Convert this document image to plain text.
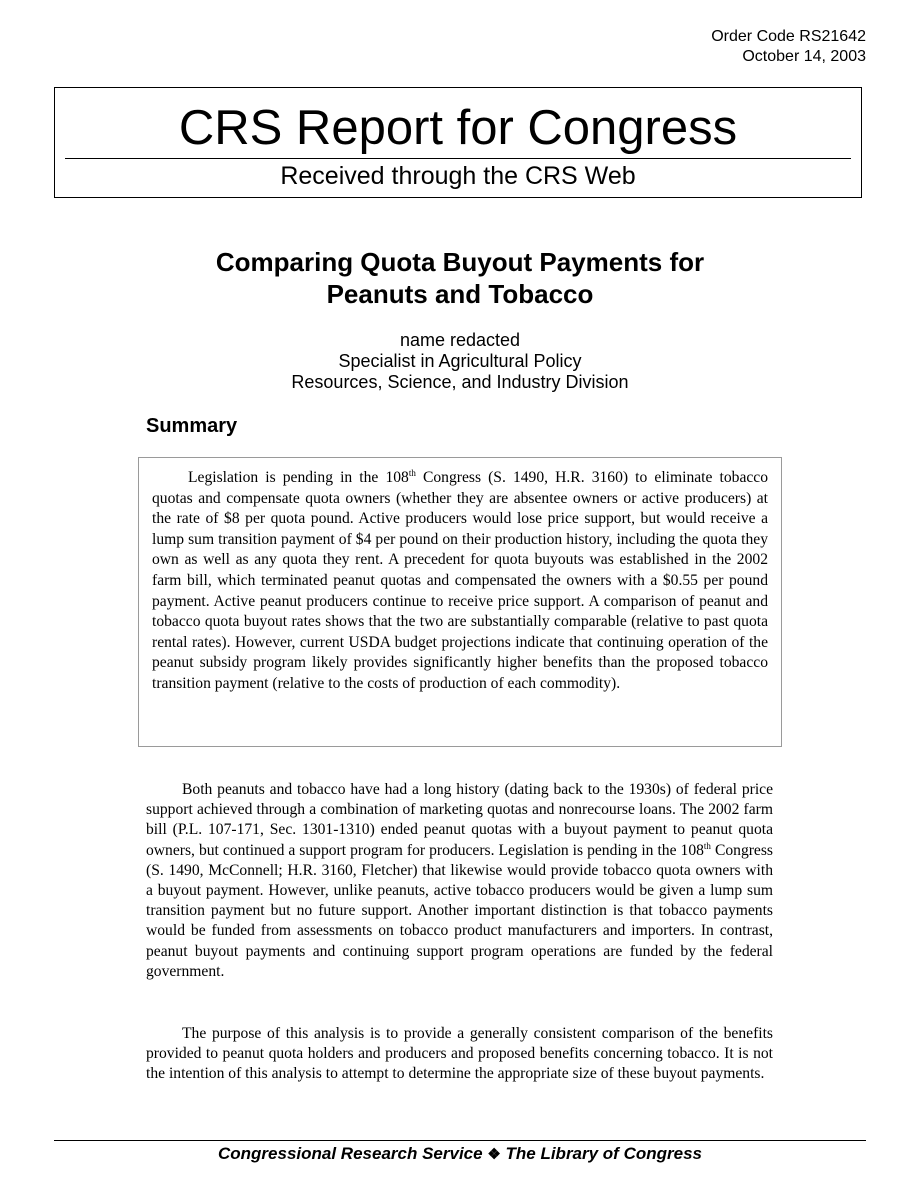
Order Code RS21642
October 14, 2003
CRS Report for Congress
Received through the CRS Web
Comparing Quota Buyout Payments for
Peanuts and Tobacco
name redacted
Specialist in Agricultural Policy
Resources, Science, and Industry Division
Summary

Legislation is pending in the 108th Congress (S. 1490, H.R. 3160) to eliminate tobacco quotas and compensate quota owners (whether they are absentee owners or active producers) at the rate of $8 per quota pound. Active producers would lose price support, but would receive a lump sum transition payment of $4 per pound on their production history, including the quota they own as well as any quota they rent. A precedent for quota buyouts was established in the 2002 farm bill, which terminated peanut quotas and compensated the owners with a $0.55 per pound payment. Active peanut producers continue to receive price support. A comparison of peanut and tobacco quota buyout rates shows that the two are substantially comparable (relative to past quota rental rates). However, current USDA budget projections indicate that continuing operation of the peanut subsidy program likely provides significantly higher benefits than the proposed tobacco transition payment (relative to the costs of production of each commodity).

Both peanuts and tobacco have had a long history (dating back to the 1930s) of federal price support achieved through a combination of marketing quotas and nonrecourse loans. The 2002 farm bill (P.L. 107-171, Sec. 1301-1310) ended peanut quotas with a buyout payment to peanut quota owners, but continued a support program for producers. Legislation is pending in the 108th Congress (S. 1490, McConnell; H.R. 3160, Fletcher) that likewise would provide tobacco quota owners with a buyout payment. However, unlike peanuts, active tobacco producers would be given a lump sum transition payment but no future support. Another important distinction is that tobacco payments would be funded from assessments on tobacco product manufacturers and importers. In contrast, peanut buyout payments and continuing support program operations are funded by the federal government.

The purpose of this analysis is to provide a generally consistent comparison of the benefits provided to peanut quota holders and producers and proposed benefits concerning tobacco. It is not the intention of this analysis to attempt to determine the appropriate size of these buyout payments.

Congressional Research Service ❖ The Library of Congress
